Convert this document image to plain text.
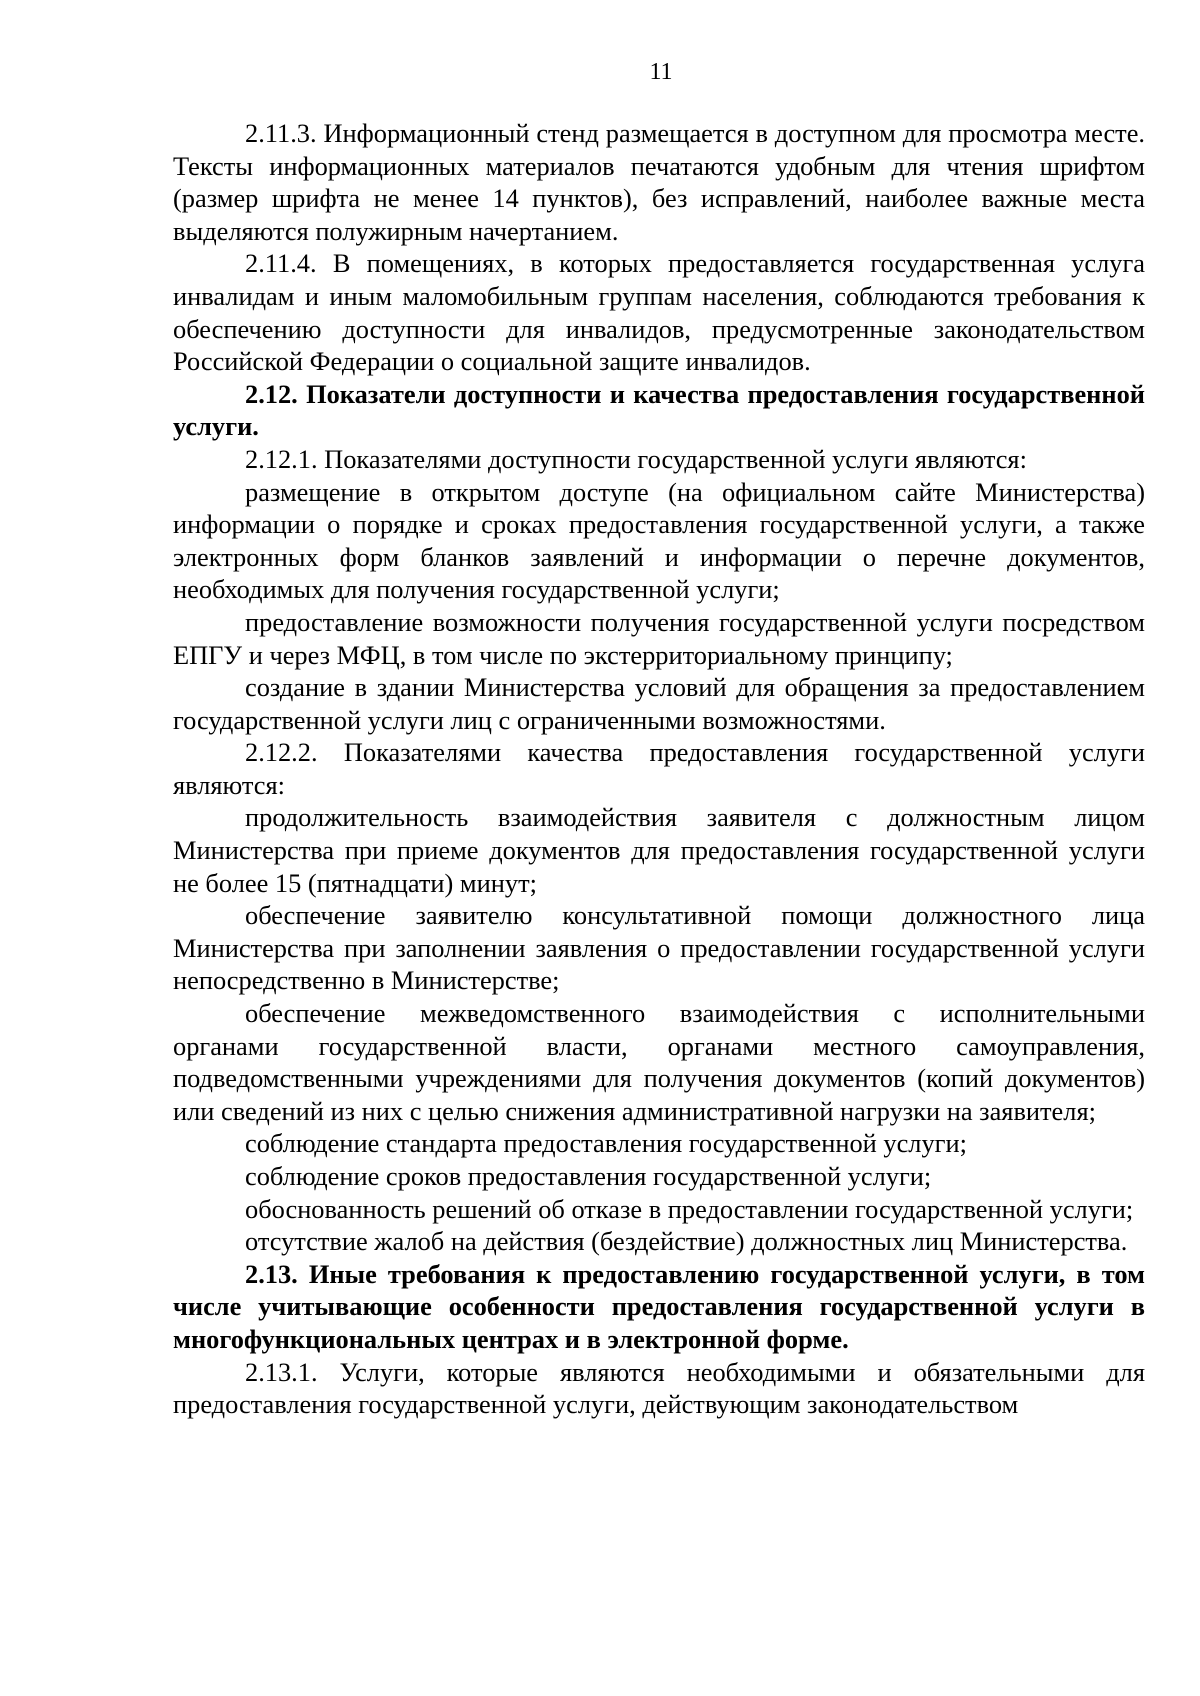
11

2.11.3. Информационный стенд размещается в доступном для просмотра месте. Тексты информационных материалов печатаются удобным для чтения шрифтом (размер шрифта не менее 14 пунктов), без исправлений, наиболее важные места выделяются полужирным начертанием.

2.11.4. В помещениях, в которых предоставляется государственная услуга инвалидам и иным маломобильным группам населения, соблюдаются требования к обеспечению доступности для инвалидов, предусмотренные законодательством Российской Федерации о социальной защите инвалидов.

2.12. Показатели доступности и качества предоставления государственной услуги.

2.12.1. Показателями доступности государственной услуги являются:

размещение в открытом доступе (на официальном сайте Министерства) информации о порядке и сроках предоставления государственной услуги, а также электронных форм бланков заявлений и информации о перечне документов, необходимых для получения государственной услуги;

предоставление возможности получения государственной услуги посредством ЕПГУ и через МФЦ, в том числе по экстерриториальному принципу;

создание в здании Министерства условий для обращения за предоставлением государственной услуги лиц с ограниченными возможностями.

2.12.2. Показателями качества предоставления государственной услуги являются:

продолжительность взаимодействия заявителя с должностным лицом Министерства при приеме документов для предоставления государственной услуги не более 15 (пятнадцати) минут;

обеспечение заявителю консультативной помощи должностного лица Министерства при заполнении заявления о предоставлении государственной услуги непосредственно в Министерстве;

обеспечение межведомственного взаимодействия с исполнительными органами государственной власти, органами местного самоуправления, подведомственными учреждениями для получения документов (копий документов) или сведений из них с целью снижения административной нагрузки на заявителя;

соблюдение стандарта предоставления государственной услуги;

соблюдение сроков предоставления государственной услуги;

обоснованность решений об отказе в предоставлении государственной услуги;

отсутствие жалоб на действия (бездействие) должностных лиц Министерства.

2.13. Иные требования к предоставлению государственной услуги, в том числе учитывающие особенности предоставления государственной услуги в многофункциональных центрах и в электронной форме.

2.13.1. Услуги, которые являются необходимыми и обязательными для предоставления государственной услуги, действующим законодательством
